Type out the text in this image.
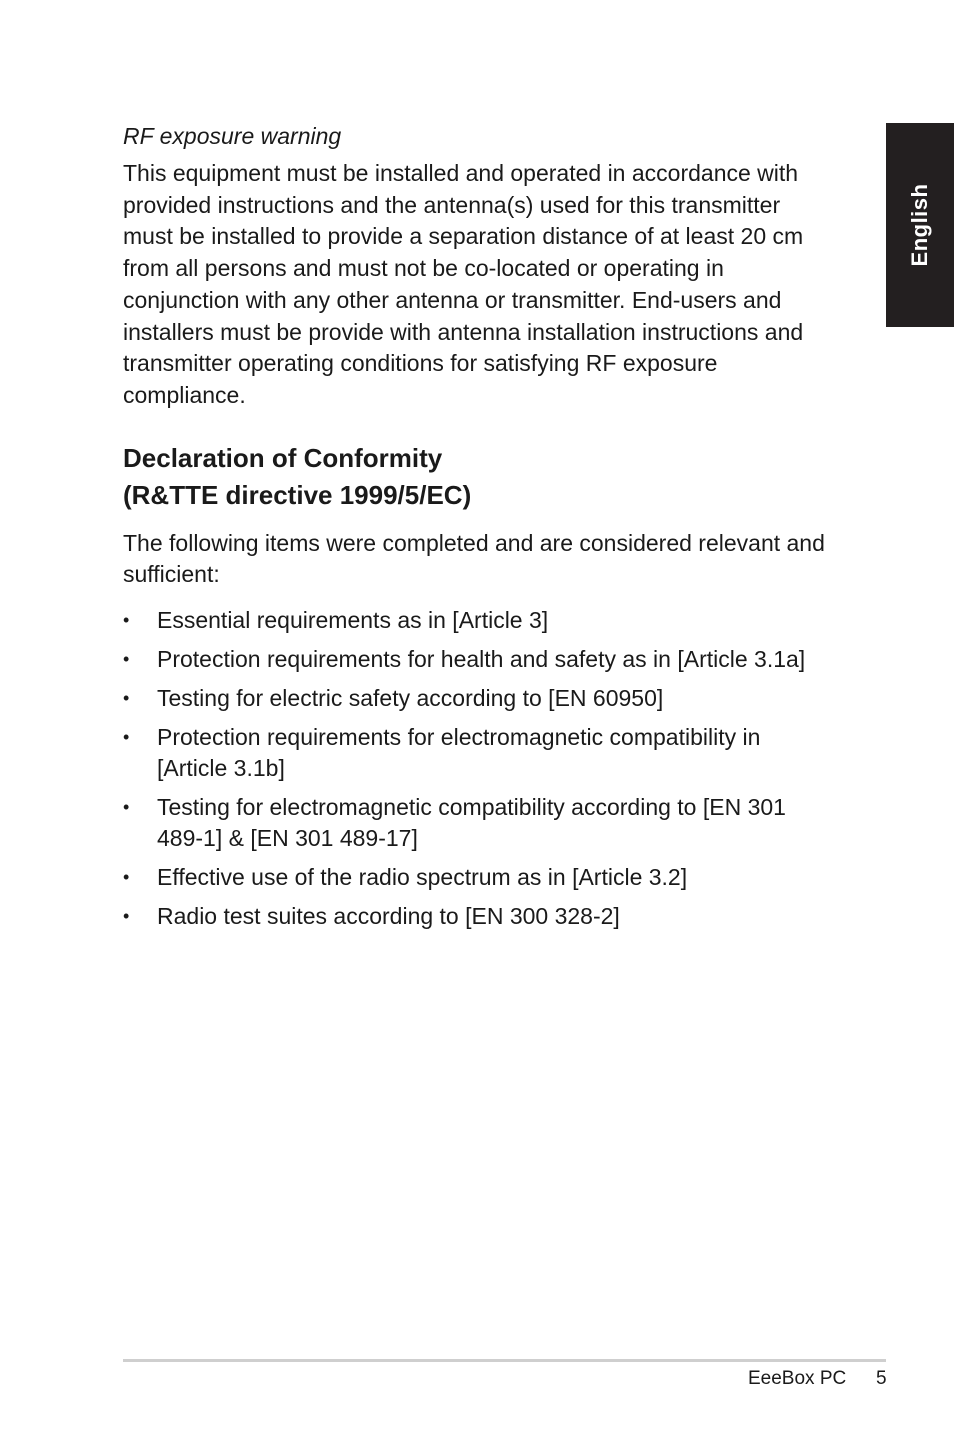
English

RF exposure warning

This equipment must be installed and operated in accordance with provided instructions and the antenna(s) used for this transmitter must be installed to provide a separation distance of at least 20 cm from all persons and must not be co-located or operating in conjunction with any other antenna or transmitter. End-users and installers must be provide with antenna installation instructions and transmitter operating conditions for satisfying RF exposure compliance.

Declaration of Conformity
(R&TTE directive 1999/5/EC)

The following items were completed and are considered relevant and sufficient:

• Essential requirements as in [Article 3]
• Protection requirements for health and safety as in [Article 3.1a]
• Testing for electric safety according to [EN 60950]
• Protection requirements for electromagnetic compatibility in [Article 3.1b]
• Testing for electromagnetic compatibility according to [EN 301 489-1] & [EN 301 489-17]
• Effective use of the radio spectrum as in [Article 3.2]
• Radio test suites according to [EN 300 328-2]
EeeBox PC 5
